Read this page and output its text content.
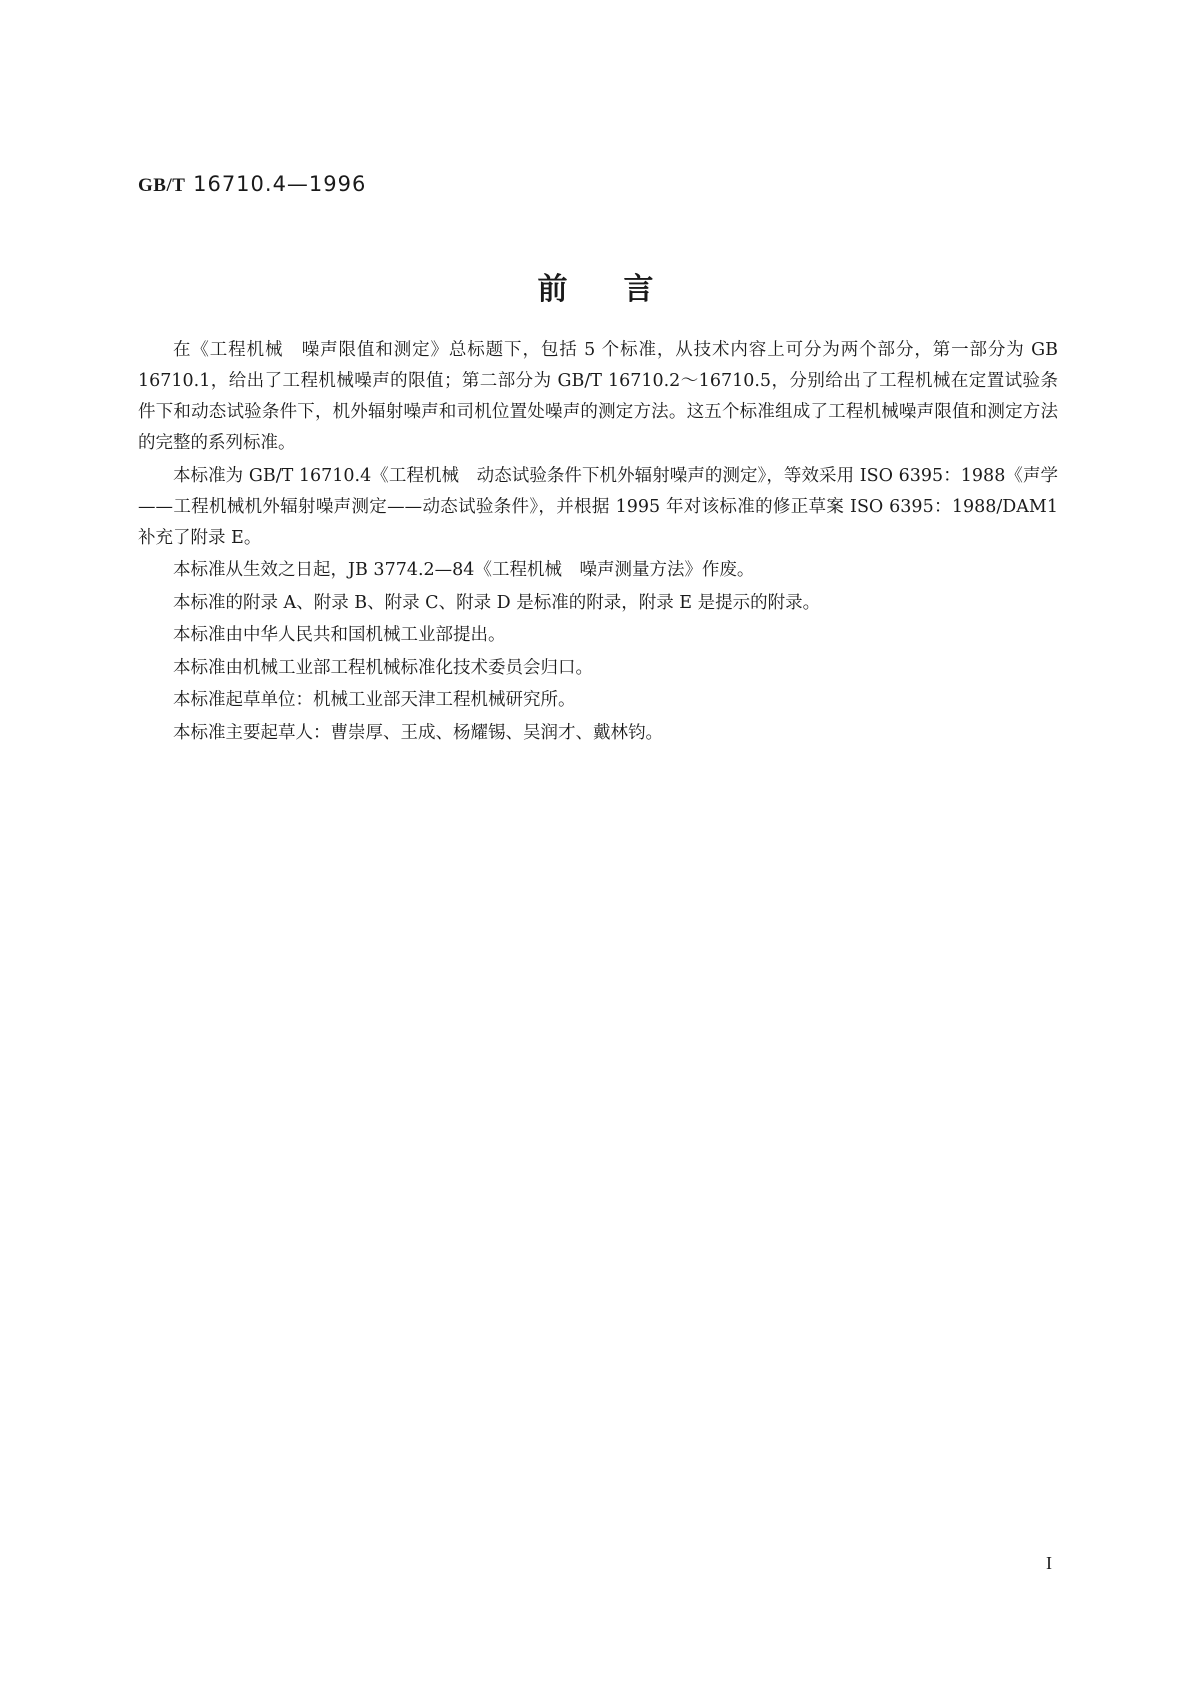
GB/T 16710.4—1996
前言

在《工程机械　噪声限值和测定》总标题下，包括 5 个标准，从技术内容上可分为两个部分，第一部分为 GB 16710.1，给出了工程机械噪声的限值；第二部分为 GB/T 16710.2～16710.5，分别给出了工程机械在定置试验条件下和动态试验条件下，机外辐射噪声和司机位置处噪声的测定方法。这五个标准组成了工程机械噪声限值和测定方法的完整的系列标准。

本标准为 GB/T 16710.4《工程机械　动态试验条件下机外辐射噪声的测定》，等效采用 ISO 6395：1988《声学——工程机械机外辐射噪声测定——动态试验条件》，并根据 1995 年对该标准的修正草案 ISO 6395：1988/DAM1 补充了附录 E。

本标准从生效之日起，JB 3774.2—84《工程机械　噪声测量方法》作废。

本标准的附录 A、附录 B、附录 C、附录 D 是标准的附录，附录 E 是提示的附录。

本标准由中华人民共和国机械工业部提出。

本标准由机械工业部工程机械标准化技术委员会归口。

本标准起草单位：机械工业部天津工程机械研究所。

本标准主要起草人：曹崇厚、王成、杨耀锡、吴润才、戴林钧。

I
